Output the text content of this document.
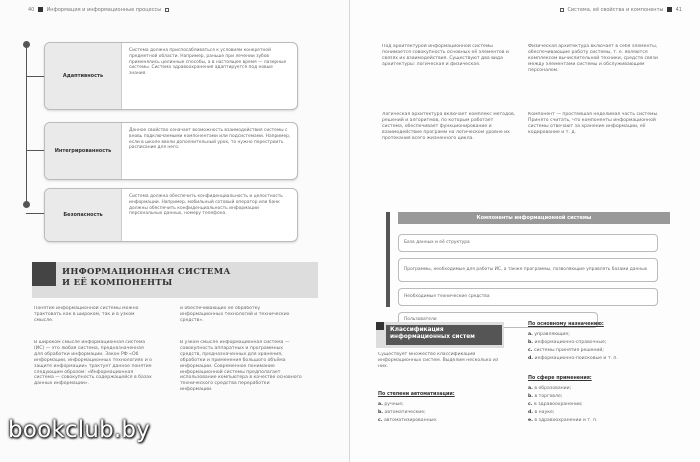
40 Информация и информационные процессы
Адаптивность
Система должна приспосабливаться к условиям конкретной предметной области. Например, раньше при лечении зубов применялись целинные способы, а в настоящее время — лазерные системы. Система здравоохранения адаптируется под новые знания.
Интегрированность
Данное свойство означает возможность взаимодействия системы с вновь подключаемыми компонентами или подсистемами. Например, если в школе ввели дополнительный урок, то нужно перестроить расписание для него.
Безопасность
Система должна обеспечить конфиденциальность и целостность информации. Например, мобильный сотовый оператор или банк должны обеспечить конфиденциальность информации персональных данных, номеру телефона.
ИНФОРМАЦИОННАЯ СИСТЕМА
И ЕЁ КОМПОНЕНТЫ
Понятие информационной системы можно трактовать как в широком, так и в узком смысле.
В широком смысле информационная система (ИС) — это любая система, предназначенная для обработки информации. Закон РФ «Об информации, информационных технологиях и о защите информации» трактует данное понятие следующим образом: «Информационная система — совокупность содержащейся в базах данных информации».
и обеспечивающих её обработку информационных технологий и технических средств».
В узком смысле информационная система — совокупность аппаратных и программных средств, предназначенных для хранения, обработки и применения большого объёма информации. Современное понимание информационной системы предполагает использование компьютера в качестве основного технического средства переработки информации.
bookclub.by
Система, её свойства и компоненты 41
Под архитектурой информационной системы понимается совокупность основных её элементов и связях их взаимодействия. Существуют два вида архитектуры: логическая и физическая.
Логическая архитектура включает комплекс методов, решений и алгоритмов, по которым работает система, обеспечивает функционирование и взаимодействие программ на логическом уровне их протекания всего жизненного цикла.
Физическая архитектура включает в себя элементы, обеспечивающие работу системы, т. е. являются комплексом вычислительной техники, средств связи между элементами системы и обслуживающим персоналом.
Компонент — простейшая неделимая часть системы. Принято считать, что компоненты информационной системы отвечают за хранение информации, её кодирование и т. д.
Компоненты информационной системы
База данных и её структура
Программы, необходимые для работы ИС, а также программы, позволяющие управлять базами данных
Необходимые технические средства
Пользователи
Классификация
информационных систем
Существует множество классификаций информационных систем. Выделим несколько из них.
По степени автоматизации:
a. ручные;
b. автоматические;
c. автоматизированные.
По основному назначению:
a. управляющие;
b. информационно-справочные;
c. системы принятия решений;
d. информационно-поисковые и т. п.
По сфере применения:
a. в образовании;
b. в торговле;
c. в здравоохранении;
d. в науке;
e. в здравоохранении и т. п.
